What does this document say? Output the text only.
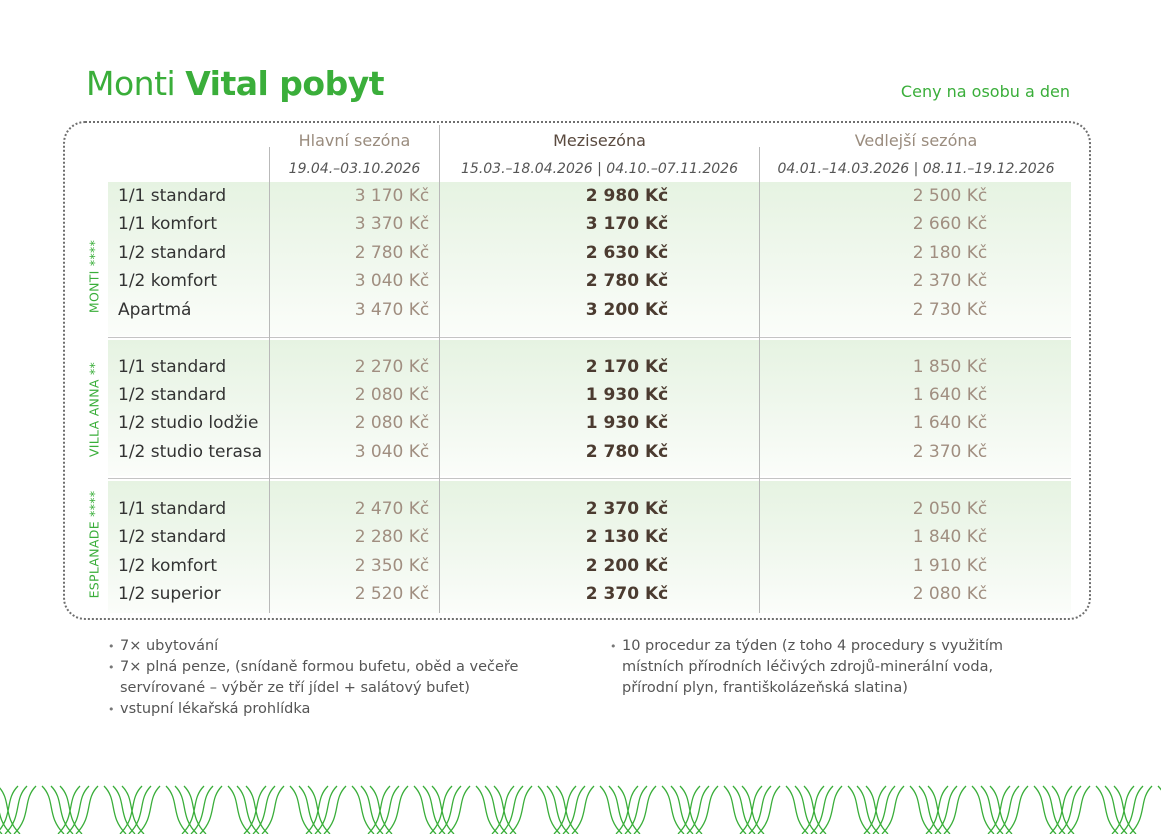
Monti Vital pobyt	Ceny na osobu a den
Hlavní sezóna	Mezisezóna	Vedlejší sezóna
19.04.–03.10.2026	15.03.–18.04.2026 | 04.10.–07.11.2026	04.01.–14.03.2026 | 08.11.–19.12.2026
MONTI ****
VILLA ANNA **
ESPLANADE ****
1/1 standard	3 170 Kč	2 980 Kč	2 500 Kč
1/1 komfort	3 370 Kč	3 170 Kč	2 660 Kč
1/2 standard	2 780 Kč	2 630 Kč	2 180 Kč
1/2 komfort	3 040 Kč	2 780 Kč	2 370 Kč
Apartmá	3 470 Kč	3 200 Kč	2 730 Kč
1/1 standard	2 270 Kč	2 170 Kč	1 850 Kč
1/2 standard	2 080 Kč	1 930 Kč	1 640 Kč
1/2 studio lodžie	2 080 Kč	1 930 Kč	1 640 Kč
1/2 studio terasa	3 040 Kč	2 780 Kč	2 370 Kč
1/1 standard	2 470 Kč	2 370 Kč	2 050 Kč
1/2 standard	2 280 Kč	2 130 Kč	1 840 Kč
1/2 komfort	2 350 Kč	2 200 Kč	1 910 Kč
1/2 superior	2 520 Kč	2 370 Kč	2 080 Kč
• 7× ubytování
• 7× plná penze, (snídaně formou bufetu, oběd a večeře servírované – výběr ze tří jídel + salátový bufet)
• vstupní lékařská prohlídka
• 10 procedur za týden (z toho 4 procedury s využitím místních přírodních léčivých zdrojů-minerální voda, přírodní plyn, františkolázeňská slatina)
